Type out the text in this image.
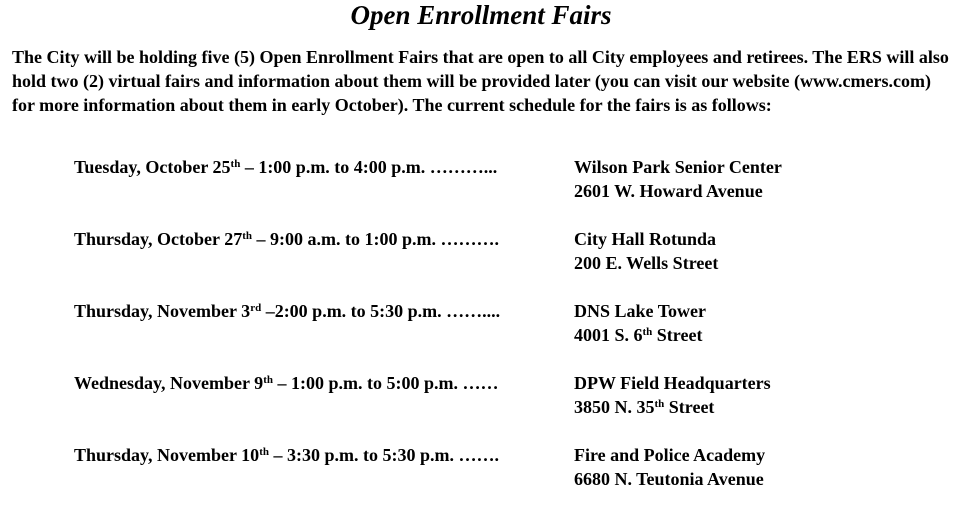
Open Enrollment Fairs
The City will be holding five (5) Open Enrollment Fairs that are open to all City employees and retirees. The ERS will also hold two (2) virtual fairs and information about them will be provided later (you can visit our website (www.cmers.com) for more information about them in early October). The current schedule for the fairs is as follows:
Tuesday, October 25th – 1:00 p.m. to 4:00 p.m. ………...	Wilson Park Senior Center
2601 W. Howard Avenue
Thursday, October 27th – 9:00 a.m. to 1:00 p.m. ……….	City Hall Rotunda
200 E. Wells Street
Thursday, November 3rd –2:00 p.m. to 5:30 p.m. ……....	DNS Lake Tower
4001 S. 6th Street
Wednesday, November 9th – 1:00 p.m. to 5:00 p.m. ……	DPW Field Headquarters
3850 N. 35th Street
Thursday, November 10th – 3:30 p.m. to 5:30 p.m. …….	Fire and Police Academy
6680 N. Teutonia Avenue
